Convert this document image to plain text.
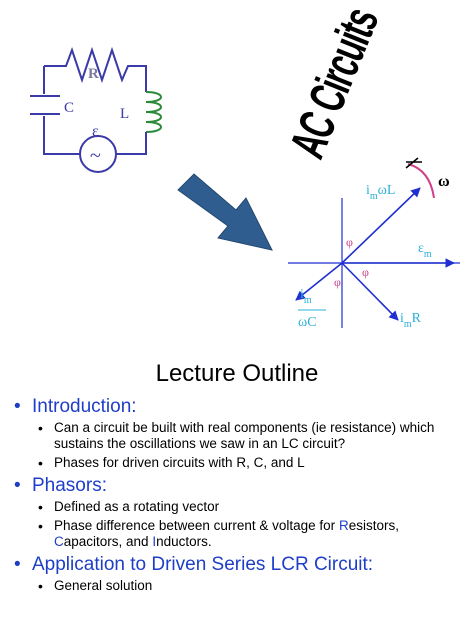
R
C	L
ε
~	AC Circuits
ω
$i_m\omega L$
$\varepsilon_m$
φ
φ
φ
$i_m$
ωC	$i_mR$
Lecture Outline
• Introduction:
• Can a circuit be built with real components (ie resistance) which sustains the oscillations we saw in an LC circuit?
• Phases for driven circuits with R, C, and L
• Phasors:
• Defined as a rotating vector
• Phase difference between current & voltage for Resistors, Capacitors, and Inductors.
• Application to Driven Series LCR Circuit:
• General solution
